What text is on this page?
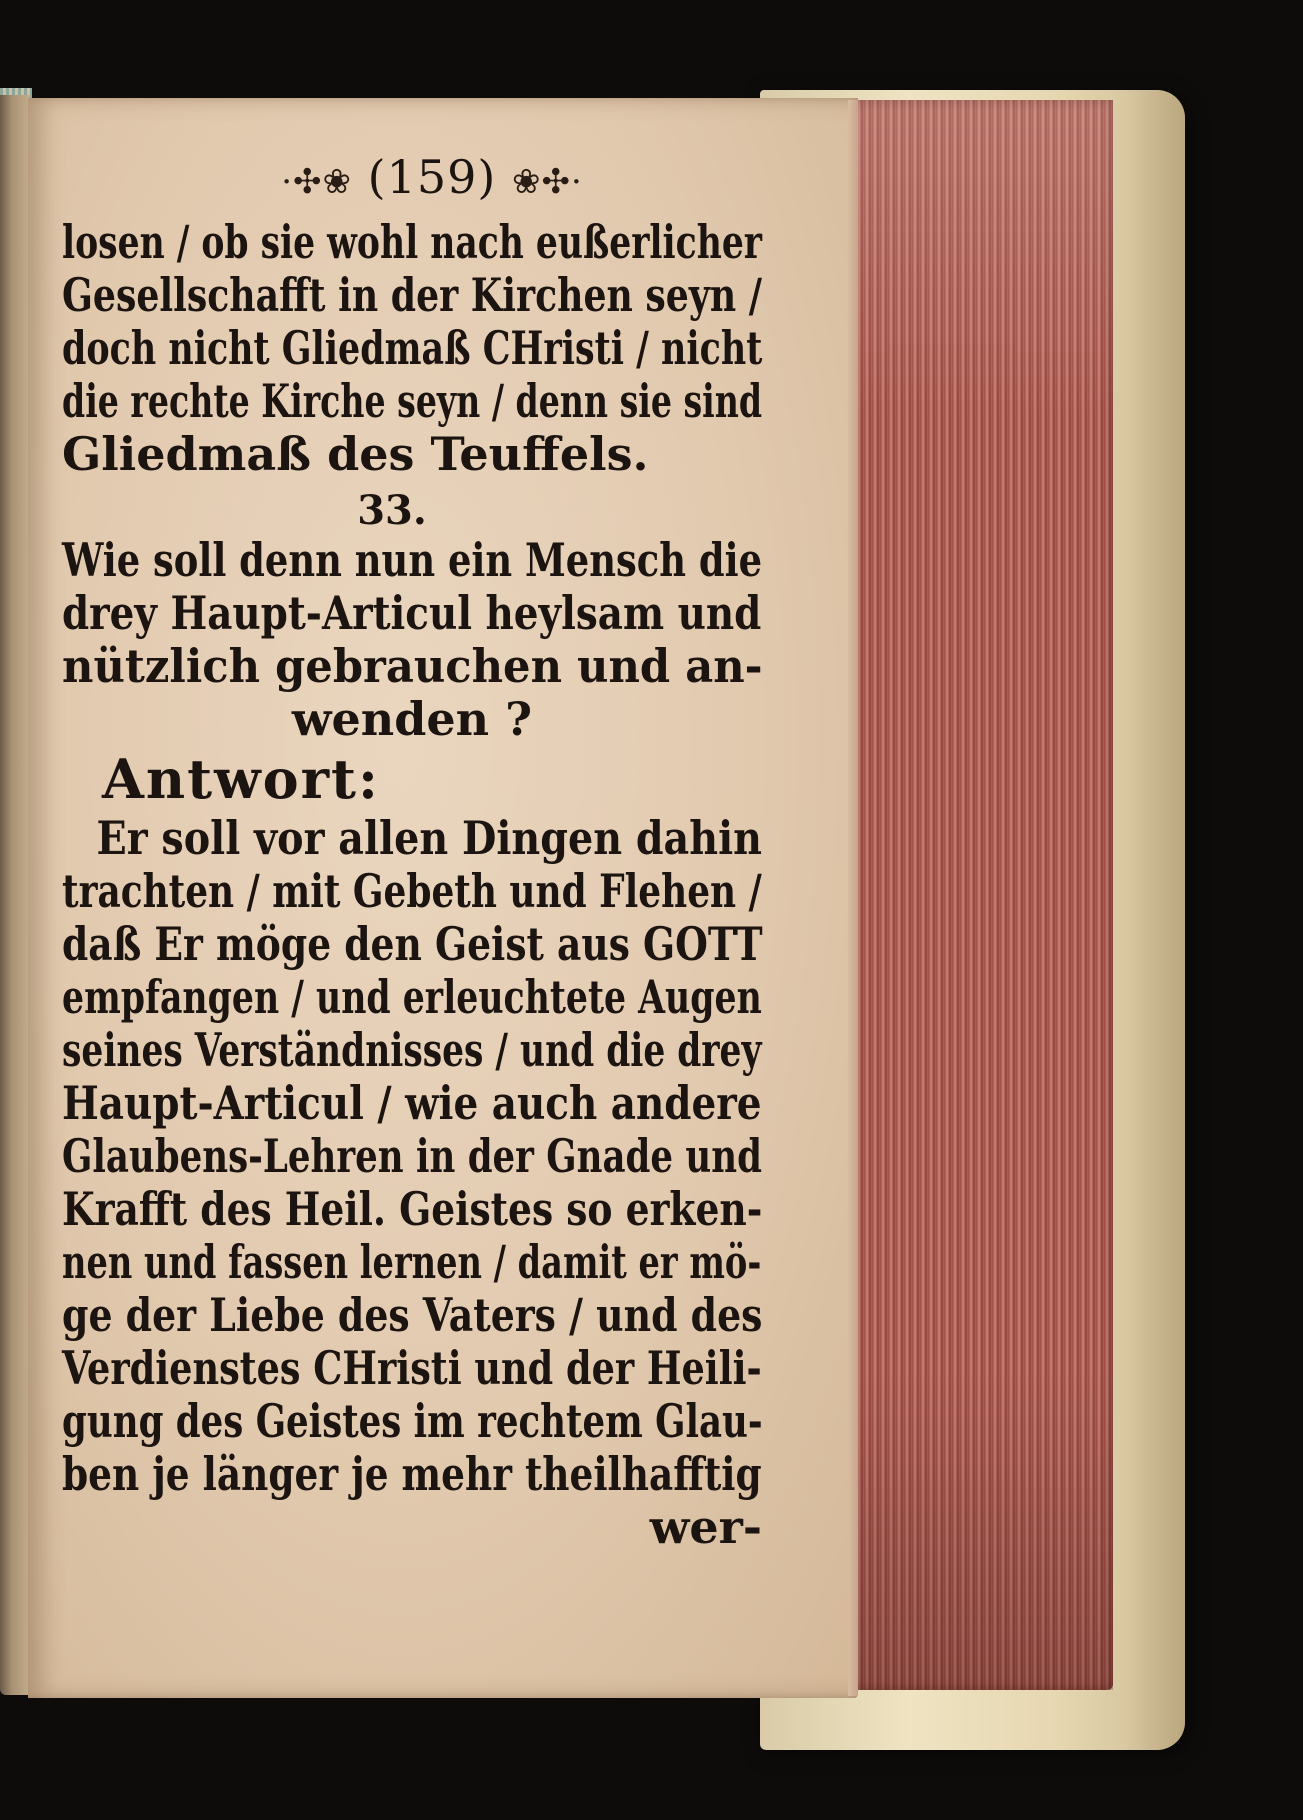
·✣❀ (159) ❀✣·
losen / ob sie wohl nach eußerlicher
Gesellschafft in der Kirchen seyn /
doch nicht Gliedmaß CHristi / nicht
die rechte Kirche seyn / denn sie sind
Gliedmaß des Teuffels.
33.
Wie soll denn nun ein Mensch die
drey Haupt-Articul heylsam und
nützlich gebrauchen und an-
wenden ?
Antwort:
Er soll vor allen Dingen dahin
trachten / mit Gebeth und Flehen /
daß Er möge den Geist aus GOTT
empfangen / und erleuchtete Augen
seines Verständnisses / und die drey
Haupt-Articul / wie auch andere
Glaubens-Lehren in der Gnade und
Krafft des Heil. Geistes so erken-
nen und fassen lernen / damit er mö-
ge der Liebe des Vaters / und des
Verdienstes CHristi und der Heili-
gung des Geistes im rechtem Glau-
ben je länger je mehr theilhafftig
wer-
